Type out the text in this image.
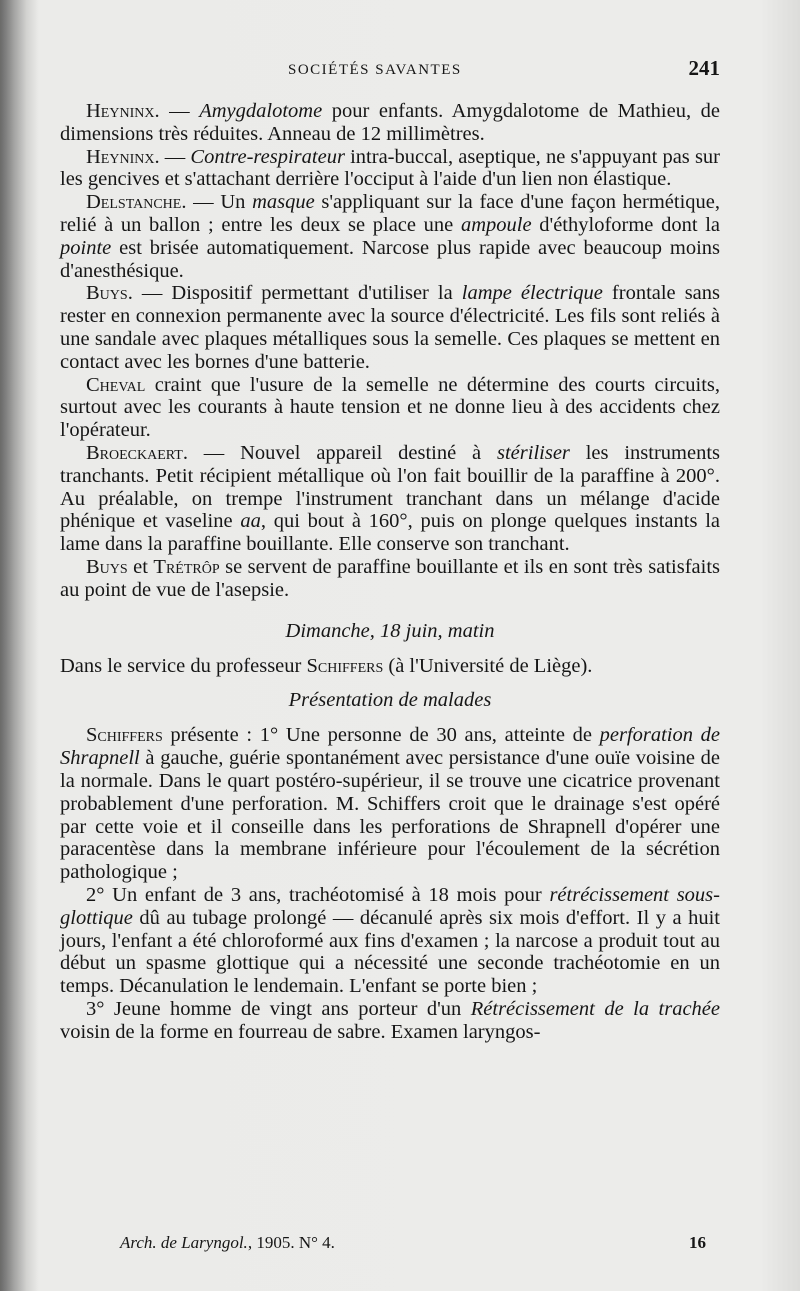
SOCIÉTÉS SAVANTES	241

Heyninx. — Amygdalotome pour enfants. Amygdalotome de Mathieu, de dimensions très réduites. Anneau de 12 millimètres.

Heyninx. — Contre-respirateur intra-buccal, aseptique, ne s'appuyant pas sur les gencives et s'attachant derrière l'occiput à l'aide d'un lien non élastique.

Delstanche. — Un masque s'appliquant sur la face d'une façon hermétique, relié à un ballon ; entre les deux se place une ampoule d'éthyloforme dont la pointe est brisée automatiquement. Narcose plus rapide avec beaucoup moins d'anesthésique.

Buys. — Dispositif permettant d'utiliser la lampe électrique frontale sans rester en connexion permanente avec la source d'électricité. Les fils sont reliés à une sandale avec plaques métalliques sous la semelle. Ces plaques se mettent en contact avec les bornes d'une batterie.

Cheval craint que l'usure de la semelle ne détermine des courts circuits, surtout avec les courants à haute tension et ne donne lieu à des accidents chez l'opérateur.

Broeckaert. — Nouvel appareil destiné à stériliser les instruments tranchants. Petit récipient métallique où l'on fait bouillir de la paraffine à 200°. Au préalable, on trempe l'instrument tranchant dans un mélange d'acide phénique et vaseline aa, qui bout à 160°, puis on plonge quelques instants la lame dans la paraffine bouillante. Elle conserve son tranchant.

Buys et Trétrôp se servent de paraffine bouillante et ils en sont très satisfaits au point de vue de l'asepsie.

Dimanche, 18 juin, matin

Dans le service du professeur Schiffers (à l'Université de Liège).

Présentation de malades

Schiffers présente : 1° Une personne de 30 ans, atteinte de perforation de Shrapnell à gauche, guérie spontanément avec persistance d'une ouïe voisine de la normale. Dans le quart postéro-supérieur, il se trouve une cicatrice provenant probablement d'une perforation. M. Schiffers croit que le drainage s'est opéré par cette voie et il conseille dans les perforations de Shrapnell d'opérer une paracentèse dans la membrane inférieure pour l'écoulement de la sécrétion pathologique ;

2° Un enfant de 3 ans, trachéotomisé à 18 mois pour rétrécissement sous-glottique dû au tubage prolongé — décanulé après six mois d'effort. Il y a huit jours, l'enfant a été chloroformé aux fins d'examen ; la narcose a produit tout au début un spasme glottique qui a nécessité une seconde trachéotomie en un temps. Décanulation le lendemain. L'enfant se porte bien ;

3° Jeune homme de vingt ans porteur d'un Rétrécissement de la trachée voisin de la forme en fourreau de sabre. Examen laryngos-

Arch. de Laryngol., 1905. N° 4.	16
